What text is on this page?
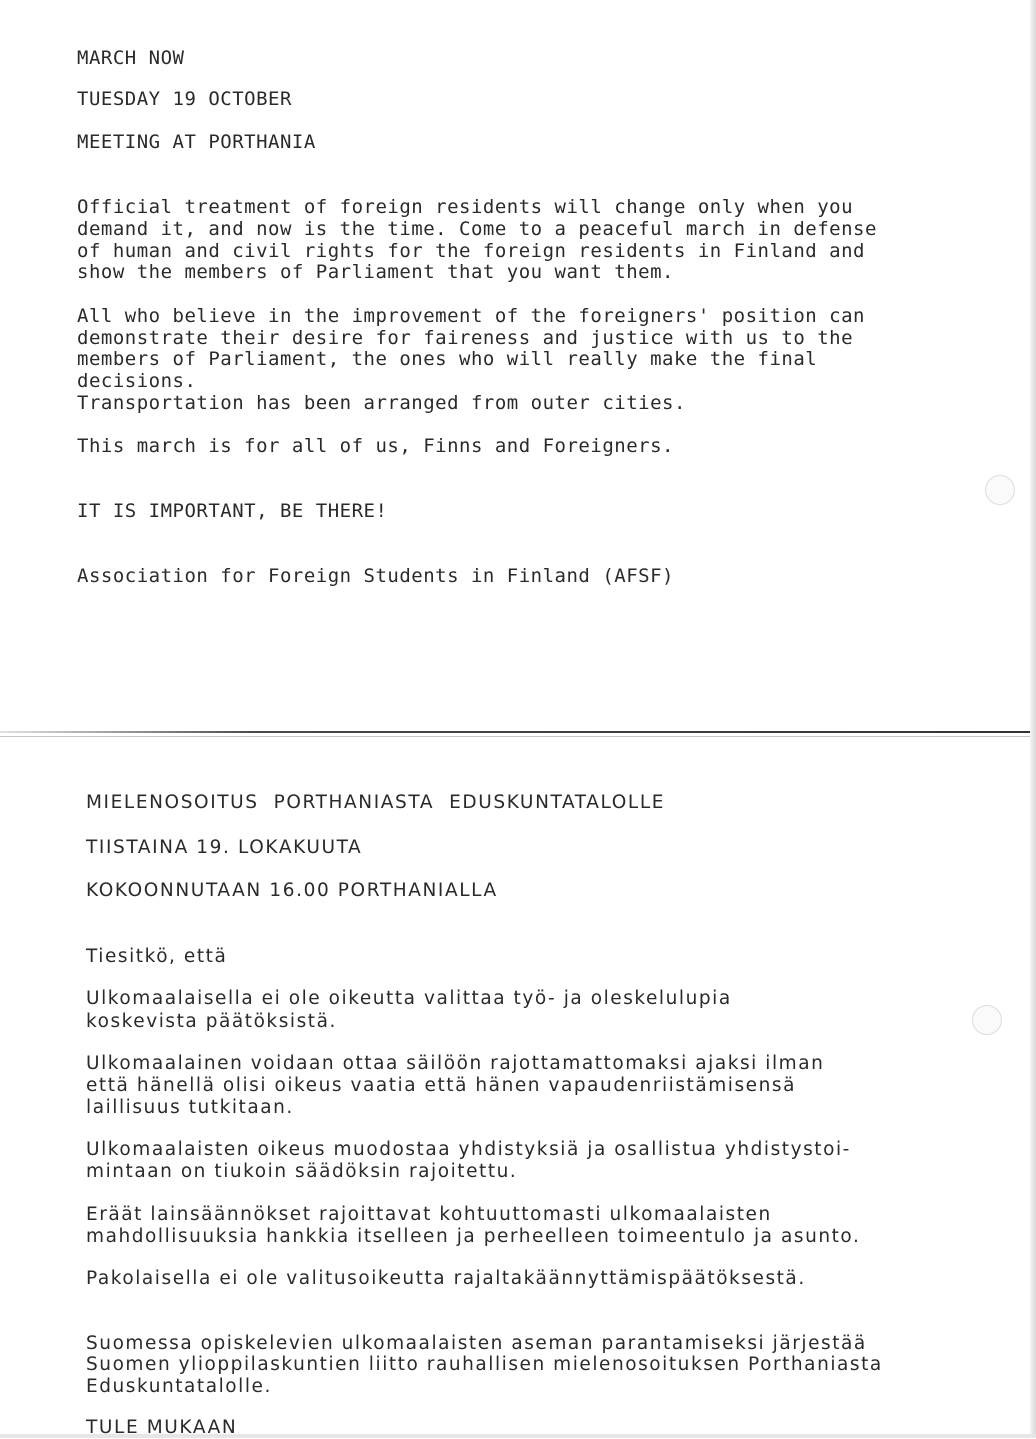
MARCH NOW
TUESDAY 19 OCTOBER
MEETING AT PORTHANIA
Official treatment of foreign residents will change only when you
demand it, and now is the time. Come to a peaceful march in defense
of human and civil rights for the foreign residents in Finland and
show the members of Parliament that you want them.
All who believe in the improvement of the foreigners' position can
demonstrate their desire for faireness and justice with us to the
members of Parliament, the ones who will really make the final
decisions.
Transportation has been arranged from outer cities.
This march is for all of us, Finns and Foreigners.
IT IS IMPORTANT, BE THERE!
Association for Foreign Students in Finland (AFSF)
MIELENOSOITUS  PORTHANIASTA  EDUSKUNTATALOLLE
TIISTAINA 19. LOKAKUUTA
KOKOONNUTAAN 16.00 PORTHANIALLA
Tiesitkö, että
Ulkomaalaisella ei ole oikeutta valittaa työ- ja oleskelulupia
koskevista päätöksistä.
Ulkomaalainen voidaan ottaa säilöön rajottamattomaksi ajaksi ilman
että hänellä olisi oikeus vaatia että hänen vapaudenriistämisensä
laillisuus tutkitaan.
Ulkomaalaisten oikeus muodostaa yhdistyksiä ja osallistua yhdistystoi-
mintaan on tiukoin säädöksin rajoitettu.
Eräät lainsäännökset rajoittavat kohtuuttomasti ulkomaalaisten
mahdollisuuksia hankkia itselleen ja perheelleen toimeentulo ja asunto.
Pakolaisella ei ole valitusoikeutta rajaltakäännyttämispäätöksestä.
Suomessa opiskelevien ulkomaalaisten aseman parantamiseksi järjestää
Suomen ylioppilaskuntien liitto rauhallisen mielenosoituksen Porthaniasta
Eduskuntatalolle.
TULE MUKAAN
